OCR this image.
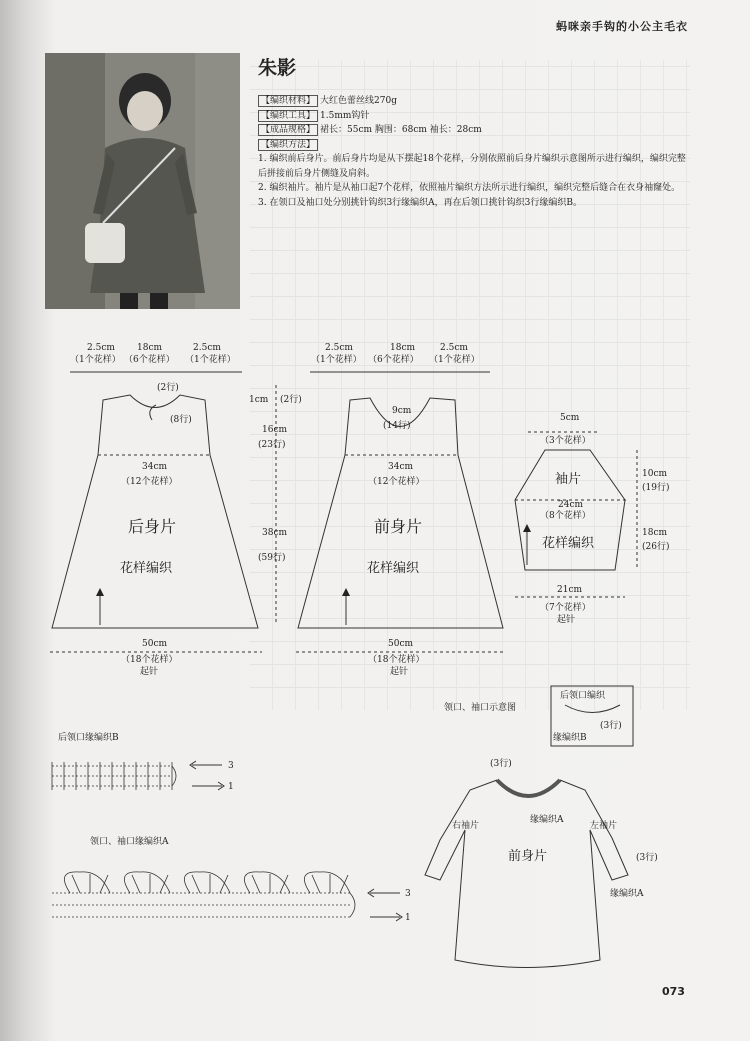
蚂咪亲手钩的小公主毛衣
朱影

【编织材料】 大红色蕾丝线270g

【编织工具】 1.5mm钩针

【成品规格】 裙长：55cm 胸围：68cm 袖长：28cm

【编织方法】

1. 编织前后身片。前后身片均是从下摆起18个花样，分别依照前后身片编织示意图所示进行编织，编织完整后拼接前后身片侧缝及肩斜。

2. 编织袖片。袖片是从袖口起7个花样，依照袖片编织方法所示进行编织，编织完整后缝合在衣身袖窿处。

3. 在领口及袖口处分别挑针钩织3行缘编织A，再在后领口挑针钩织3行缘编织B。

2.5cm 18cm	2.5cm
（1个花样） （6个花样） （1个花样）
(2行)
(8行)
34cm
（12个花样）
后身片
花样编织
50cm
（18个花样）
起针
1cm (2行)
16cm
(23行)
38cm
(59行)
2.5cm	18cm	2.5cm
（1个花样） （6个花样） （1个花样）
9cm
(14行)
34cm
（12个花样）
前身片
花样编织
50cm
（18个花样）
起针
5cm
（3个花样）
袖片
24cm
（8个花样）
花样编织
10cm
(19行)
18cm
(26行)
21cm
（7个花样）
起针
后领口缘编织B
3
1
领口、袖口缘编织A
3
1
领口、袖口示意图
后领口编织
(3行)
缘编织B
(3行)
右袖片	左袖片
缘编织A
前身片	(3行)
缘编织A
073
